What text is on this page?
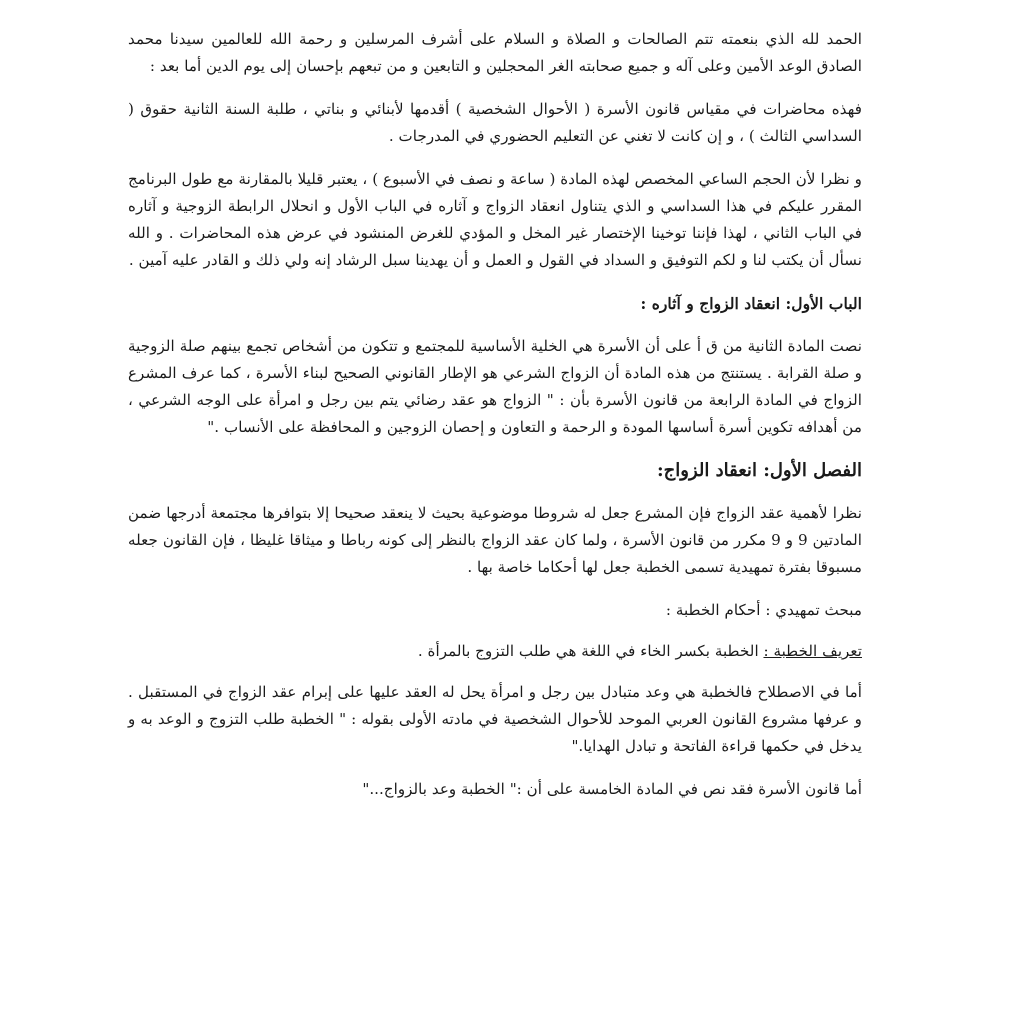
الحمد لله الذي بنعمته تتم الصالحات و الصلاة و السلام على أشرف المرسلين و رحمة الله للعالمين سيدنا محمد الصادق الوعد الأمين وعلى آله و جميع صحابته الغر المحجلين و التابعين و من تبعهم بإحسان إلى يوم الدين أما بعد :

فهذه محاضرات في مقياس قانون الأسرة ( الأحوال الشخصية ) أقدمها لأبنائي و بناتي ، طلبة السنة الثانية حقوق ( السداسي الثالث ) ، و إن كانت لا تغني عن التعليم الحضوري في المدرجات .

و نظرا لأن الحجم الساعي المخصص لهذه المادة ( ساعة و نصف في الأسبوع ) ، يعتبر قليلا بالمقارنة مع طول البرنامج المقرر عليكم في هذا السداسي و الذي يتناول انعقاد الزواج و آثاره في الباب الأول و انحلال الرابطة الزوجية و آثاره في الباب الثاني ، لهذا فإننا توخينا الإختصار غير المخل و المؤدي للغرض المنشود في عرض هذه المحاضرات . و الله نسأل أن يكتب لنا و لكم التوفيق و السداد في القول و العمل و أن يهدينا سبل الرشاد إنه ولي ذلك و القادر عليه آمين .

الباب الأول: انعقاد الزواج و آثاره :

نصت المادة الثانية من ق أ على أن الأسرة هي الخلية الأساسية للمجتمع و تتكون من أشخاص تجمع بينهم صلة الزوجية و صلة القرابة . يستنتج من هذه المادة أن الزواج الشرعي هو الإطار القانوني الصحيح لبناء الأسرة ، كما عرف المشرع الزواج في المادة الرابعة من قانون الأسرة بأن : " الزواج هو عقد رضائي يتم بين رجل و امرأة على الوجه الشرعي ، من أهدافه تكوين أسرة أساسها المودة و الرحمة و التعاون و إحصان الزوجين و المحافظة على الأنساب ."

الفصل الأول: انعقاد الزواج:

نظرا لأهمية عقد الزواج فإن المشرع جعل له شروطا موضوعية بحيث لا ينعقد صحيحا إلا بتوافرها مجتمعة أدرجها ضمن المادتين 9 و 9 مكرر من قانون الأسرة ، ولما كان عقد الزواج بالنظر إلى كونه رباطا و ميثاقا غليظا ، فإن القانون جعله مسبوقا بفترة تمهيدية تسمى الخطبة جعل لها أحكاما خاصة بها .

مبحث تمهيدي : أحكام الخطبة :

تعريف الخطبة : الخطبة بكسر الخاء في اللغة هي طلب التزوج بالمرأة .

أما في الاصطلاح فالخطبة هي وعد متبادل بين رجل و امرأة يحل له العقد عليها على إبرام عقد الزواج في المستقبل . و عرفها مشروع القانون العربي الموحد للأحوال الشخصية في مادته الأولى بقوله : " الخطبة طلب التزوج و الوعد به و يدخل في حكمها قراءة الفاتحة و تبادل الهدايا."

أما قانون الأسرة فقد نص في المادة الخامسة على أن :" الخطبة وعد بالزواج..."
